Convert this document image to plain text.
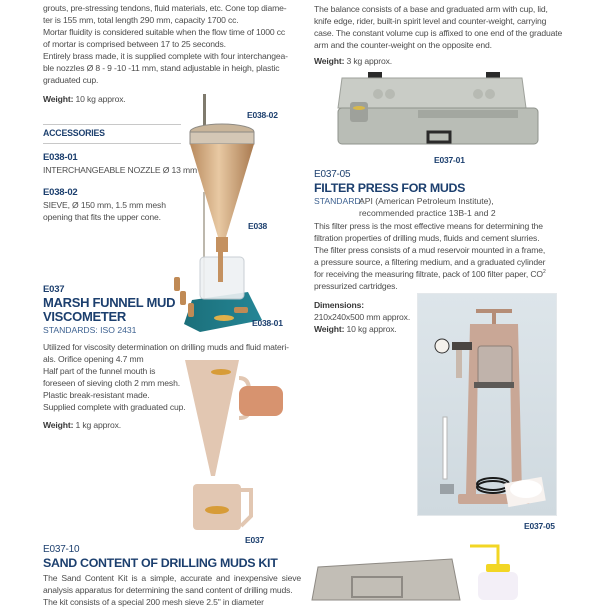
grouts, pre-stressing tendons, fluid materials, etc. Cone top diame-

ter is 155 mm, total length 290 mm, capacity 1700 cc.

Mortar fluidity is considered suitable when the flow time of 1000 cc

of mortar is comprised between 17 to 25 seconds.

Entirely brass made, it is supplied complete with four interchangea-

ble nozzles Ø 8 - 9 -10 -11 mm, stand adjustable in heigh, plastic

graduated cup.

Weight: 10 kg approx.
ACCESSORIES
E038-01
INTERCHANGEABLE NOZZLE Ø 13 mm
E038-02

SIEVE, Ø 150 mm, 1.5 mm mesh

opening that fits the upper cone.

E038-02
E038
E038-01
E037
MARSH FUNNEL MUD
VISCOMETER
STANDARDS: ISO 2431

Utilized for viscosity determination on drilling muds and fluid materi-

als. Orifice opening 4.7 mm

Half part of the funnel mouth is

foreseen of sieving cloth 2 mm mesh.

Plastic break-resistant made.

Supplied complete with graduated cup.

Weight: 1 kg approx.
E037
E037-10
SAND CONTENT OF DRILLING MUDS KIT

The Sand Content Kit is a simple, accurate and inexpensive sieve

analysis apparatus for determining the sand content of drilling muds.

The kit consists of a special 200 mesh sieve 2.5" in diameter

The balance consists of a base and graduated arm with cup, lid,

knife edge, rider, built-in spirit level and counter-weight, carrying

case. The constant volume cup is affixed to one end of the graduate

arm and the counter-weight on the opposite end.

Weight: 3 kg approx.
E037-01
E037-05
FILTER PRESS FOR MUDS
STANDARD:API (American Petroleum Institute),
recommended practice 13B-1 and 2

This filter press is the most effective means for determining the

filtration properties of drilling muds, fluids and cement slurries.

The filter press consists of a mud reservoir mounted in a frame,

a pressure source, a filtering medium, and a graduated cylinder

for receiving the measuring filtrate, pack of 100 filter paper, $CO^2$

pressurized cartridges.

Dimensions:
210x240x500 mm approx.
Weight: 10 kg approx.
E037-05
